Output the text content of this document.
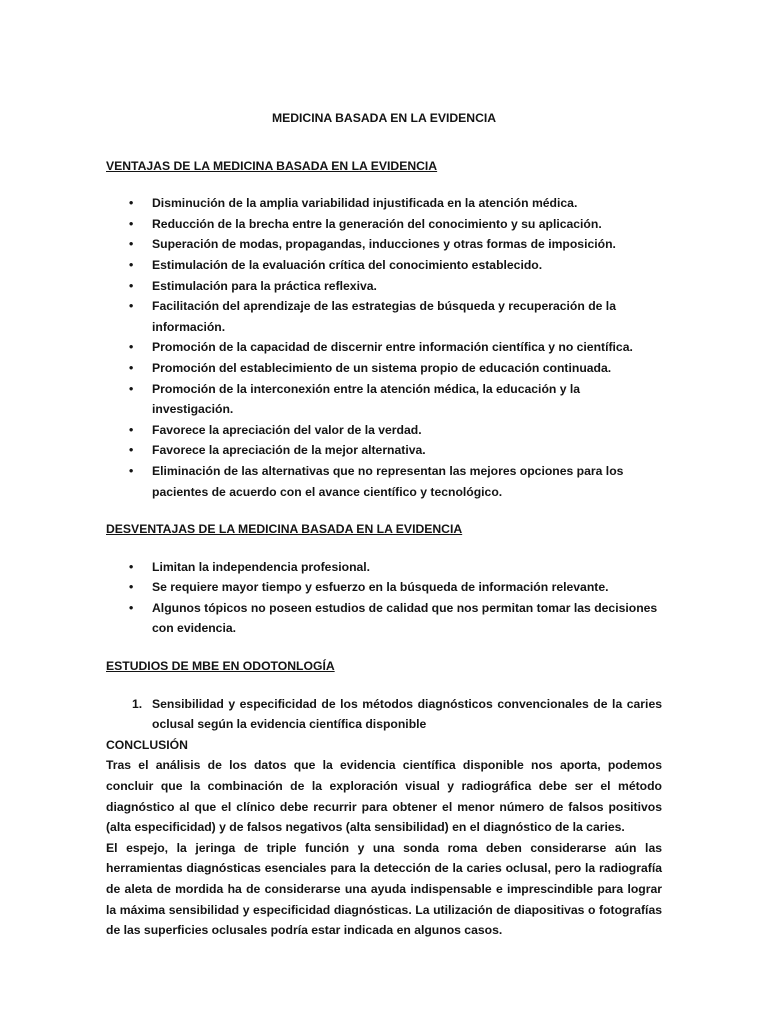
MEDICINA BASADA EN LA EVIDENCIA
VENTAJAS DE LA MEDICINA BASADA EN LA EVIDENCIA
• Disminución de la amplia variabilidad injustificada en la atención médica.
• Reducción de la brecha entre la generación del conocimiento y su aplicación.
• Superación de modas, propagandas, inducciones y otras formas de imposición.
• Estimulación de la evaluación crítica del conocimiento establecido.
• Estimulación para la práctica reflexiva.
• Facilitación del aprendizaje de las estrategias de búsqueda y recuperación de la información.
• Promoción de la capacidad de discernir entre información científica y no científica.
• Promoción del establecimiento de un sistema propio de educación continuada.
• Promoción de la interconexión entre la atención médica, la educación y la investigación.
• Favorece la apreciación del valor de la verdad.
• Favorece la apreciación de la mejor alternativa.
• Eliminación de las alternativas que no representan las mejores opciones para los pacientes de acuerdo con el avance científico y tecnológico.
DESVENTAJAS DE LA MEDICINA BASADA EN LA EVIDENCIA
• Limitan la independencia profesional.
• Se requiere mayor tiempo y esfuerzo en la búsqueda de información relevante.
• Algunos tópicos no poseen estudios de calidad que nos permitan tomar las decisiones con evidencia.
ESTUDIOS DE MBE EN ODOTONLOGÍA
1. Sensibilidad y especificidad de los métodos diagnósticos convencionales de la caries oclusal según la evidencia científica disponible
CONCLUSIÓN

Tras el análisis de los datos que la evidencia científica disponible nos aporta, podemos concluir que la combinación de la exploración visual y radiográfica debe ser el método diagnóstico al que el clínico debe recurrir para obtener el menor número de falsos positivos (alta especificidad) y de falsos negativos (alta sensibilidad) en el diagnóstico de la caries.

El espejo, la jeringa de triple función y una sonda roma deben considerarse aún las herramientas diagnósticas esenciales para la detección de la caries oclusal, pero la radiografía de aleta de mordida ha de considerarse una ayuda indispensable e imprescindible para lograr la máxima sensibilidad y especificidad diagnósticas. La utilización de diapositivas o fotografías de las superficies oclusales podría estar indicada en algunos casos.
